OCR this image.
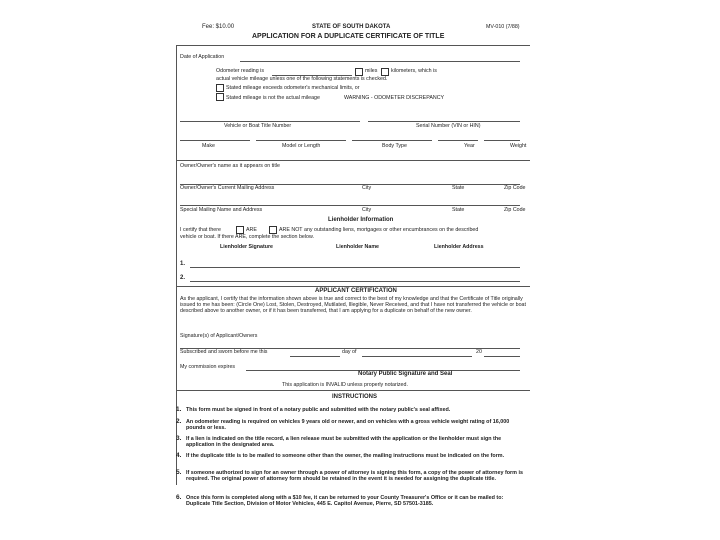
Fee: $10.00	STATE OF SOUTH DAKOTA	MV-010 (7/88)
APPLICATION FOR A DUPLICATE CERTIFICATE OF TITLE
Date of Application
Odometer reading is	miles	kilometers, which is
actual vehicle mileage unless one of the following statements is checked.
Stated mileage exceeds odometer's mechanical limits, or
Stated mileage is not the actual mileage	WARNING - ODOMETER DISCREPANCY
Vehicle or Boat Title Number	Serial Number (VIN or HIN)
Make	Model or Length	Body Type	Year	Weight
Owner/Owner's name as it appears on title
Owner/Owner's Current Mailing Address	City	State	Zip Code
Special Mailing Name and Address	City	State	Zip Code
Lienholder Information
I certify that there	ARE	ARE NOT any outstanding liens, mortgages or other encumbrances on the described
vehicle or boat. If there ARE, complete the section below.
Lienholder Signature	Lienholder Name	Lienholder Address
1.
2.
APPLICANT CERTIFICATION
As the applicant, I certify that the information shown above is true and correct to the best of my knowledge and that the Certificate of Title originally issued to me has been: (Circle One) Lost, Stolen, Destroyed, Mutilated, Illegible, Never Received, and that I have not transferred the vehicle or boat described above to another owner, or if it has been transferred, that I am applying for a duplicate on behalf of the new owner.
Signature(s) of Applicant/Owners
Subscribed and sworn before me this	day of	20
My commission expires
Notary Public Signature and Seal
This application is INVALID unless properly notarized.
INSTRUCTIONS
1. This form must be signed in front of a notary public and submitted with the notary public's seal affixed.
2. An odometer reading is required on vehicles 9 years old or newer, and on vehicles with a gross vehicle weight rating of 16,000 pounds or less.
3. If a lien is indicated on the title record, a lien release must be submitted with the application or the lienholder must sign the application in the designated area.
4. If the duplicate title is to be mailed to someone other than the owner, the mailing instructions must be indicated on the form.
5. If someone authorized to sign for an owner through a power of attorney is signing this form, a copy of the power of attorney form is required. The original power of attorney form should be retained in the event it is needed for assigning the duplicate title.
6. Once this form is completed along with a $10 fee, it can be returned to your County Treasurer's Office or it can be mailed to: Duplicate Title Section, Division of Motor Vehicles, 445 E. Capitol Avenue, Pierre, SD 57501-3185.
